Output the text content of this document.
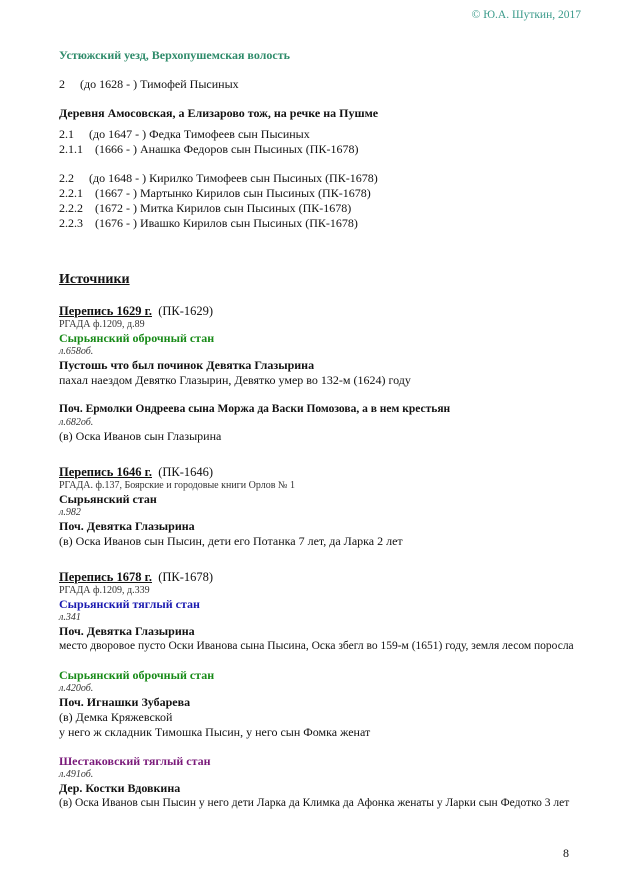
© Ю.А. Шуткин, 2017
Устюжский уезд, Верхопушемская волость
2 (до 1628 - ) Тимофей Пысиных
Деревня Амосовская, а Елизарово тож, на речке на Пушме
2.1 (до 1647 - ) Федка Тимофеев сын Пысиных
2.1.1 (1666 - ) Анашка Федоров сын Пысиных (ПК-1678)
2.2 (до 1648 - ) Кирилко Тимофеев сын Пысиных (ПК-1678)
2.2.1 (1667 - ) Мартынко Кирилов сын Пысиных (ПК-1678)
2.2.2 (1672 - ) Митка Кирилов сын Пысиных (ПК-1678)
2.2.3 (1676 - ) Ивашко Кирилов сын Пысиных (ПК-1678)
Источники
Перепись 1629 г. (ПК-1629)
РГАДА ф.1209, д.89
Сырьянский оброчный стан
л.658об.
Пустошь что был починок Девятка Глазырина
пахал наездом Девятко Глазырин, Девятко умер во 132-м (1624) году
Поч. Ермолки Ондреева сына Моржа да Васки Помозова, а в нем крестьян
л.682об.
(в) Оска Иванов сын Глазырина
Перепись 1646 г. (ПК-1646)
РГАДА. ф.137, Боярские и городовые книги Орлов № 1
Сырьянский стан
л.982
Поч. Девятка Глазырина
(в) Оска Иванов сын Пысин, дети его Потанка 7 лет, да Ларка 2 лет
Перепись 1678 г. (ПК-1678)
РГАДА ф.1209, д.339
Сырьянский тяглый стан
л.341
Поч. Девятка Глазырина
место дворовое пусто Оски Иванова сына Пысина, Оска збегл во 159-м (1651) году, земля лесом поросла
Сырьянский оброчный стан
л.420об.
Поч. Игнашки Зубарева
(в) Демка Кряжевской
у него ж складник Тимошка Пысин, у него сын Фомка женат
Шестаковский тяглый стан
л.491об.
Дер. Костки Вдовкина
(в) Оска Иванов сын Пысин у него дети Ларка да Климка да Афонка женаты у Ларки сын Федотко 3 лет
8
